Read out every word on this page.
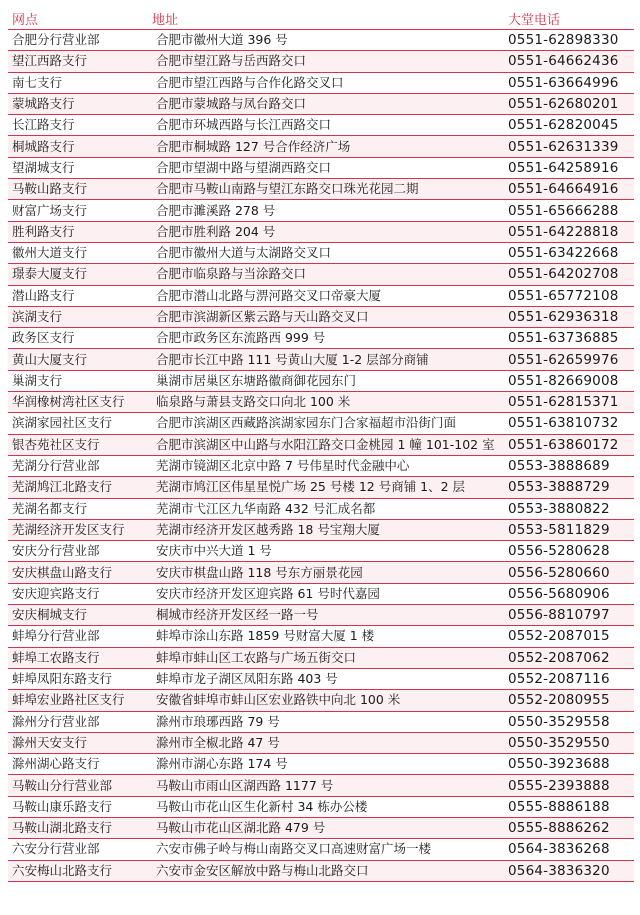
网点	地址	大堂电话
合肥分行营业部	合肥市徽州大道 396 号	0551-62898330
望江西路支行	合肥市望江路与岳西路交口	0551-64662436
南七支行	合肥市望江西路与合作化路交叉口	0551-63664996
蒙城路支行	合肥市蒙城路与凤台路交口	0551-62680201
长江路支行	合肥市环城西路与长江西路交口	0551-62820045
桐城路支行	合肥市桐城路 127 号合作经济广场	0551-62631339
望湖城支行	合肥市望湖中路与望湖西路交口	0551-64258916
马鞍山路支行	合肥市马鞍山南路与望江东路交口珠光花园二期	0551-64664916
财富广场支行	合肥市濉溪路 278 号	0551-65666288
胜利路支行	合肥市胜利路 204 号	0551-64228818
徽州大道支行	合肥市徽州大道与太湖路交叉口	0551-63422668
璟泰大厦支行	合肥市临泉路与当涂路交口	0551-64202708
潜山路支行	合肥市潜山北路与淠河路交叉口帝豪大厦	0551-65772108
滨湖支行	合肥市滨湖新区紫云路与天山路交叉口	0551-62936318
政务区支行	合肥市政务区东流路西 999 号	0551-63736885
黄山大厦支行	合肥市长江中路 111 号黄山大厦 1-2 层部分商铺	0551-62659976
巢湖支行	巢湖市居巢区东塘路徽商御花园东门	0551-82669008
华润橡树湾社区支行	临泉路与萧县支路交口向北 100 米	0551-62815371
滨湖家园社区支行	合肥市滨湖区西藏路滨湖家园东门合家福超市沿街门面	0551-63810732
银杏苑社区支行	合肥市滨湖区中山路与水阳江路交口金桃园 1 幢 101-102 室	0551-63860172
芜湖分行营业部	芜湖市镜湖区北京中路 7 号伟星时代金融中心	0553-3888689
芜湖鸠江北路支行	芜湖市鸠江区伟星星悦广场 25 号楼 12 号商铺 1、2 层	0553-3888729
芜湖名都支行	芜湖市弋江区九华南路 432 号汇成名都	0553-3880822
芜湖经济开发区支行	芜湖市经济开发区越秀路 18 号宝翔大厦	0553-5811829
安庆分行营业部	安庆市中兴大道 1 号	0556-5280628
安庆棋盘山路支行	安庆市棋盘山路 118 号东方丽景花园	0556-5280660
安庆迎宾路支行	安庆市经济开发区迎宾路 61 号时代嘉园	0556-5680906
安庆桐城支行	桐城市经济开发区经一路一号	0556-8810797
蚌埠分行营业部	蚌埠市涂山东路 1859 号财富大厦 1 楼	0552-2087015
蚌埠工农路支行	蚌埠市蚌山区工农路与广场五街交口	0552-2087062
蚌埠凤阳东路支行	蚌埠市龙子湖区凤阳东路 403 号	0552-2087116
蚌埠宏业路社区支行	安徽省蚌埠市蚌山区宏业路铁中向北 100 米	0552-2080955
滁州分行营业部	滁州市琅琊西路 79 号	0550-3529558
滁州天安支行	滁州市全椒北路 47 号	0550-3529550
滁州湖心路支行	滁州市湖心东路 174 号	0550-3923688
马鞍山分行营业部	马鞍山市雨山区湖西路 1177 号	0555-2393888
马鞍山康乐路支行	马鞍山市花山区生化新村 34 栋办公楼	0555-8886188
马鞍山湖北路支行	马鞍山市花山区湖北路 479 号	0555-8886262
六安分行营业部	六安市佛子岭与梅山南路交叉口高速财富广场一楼	0564-3836268
六安梅山北路支行	六安市金安区解放中路与梅山北路交口	0564-3836320
